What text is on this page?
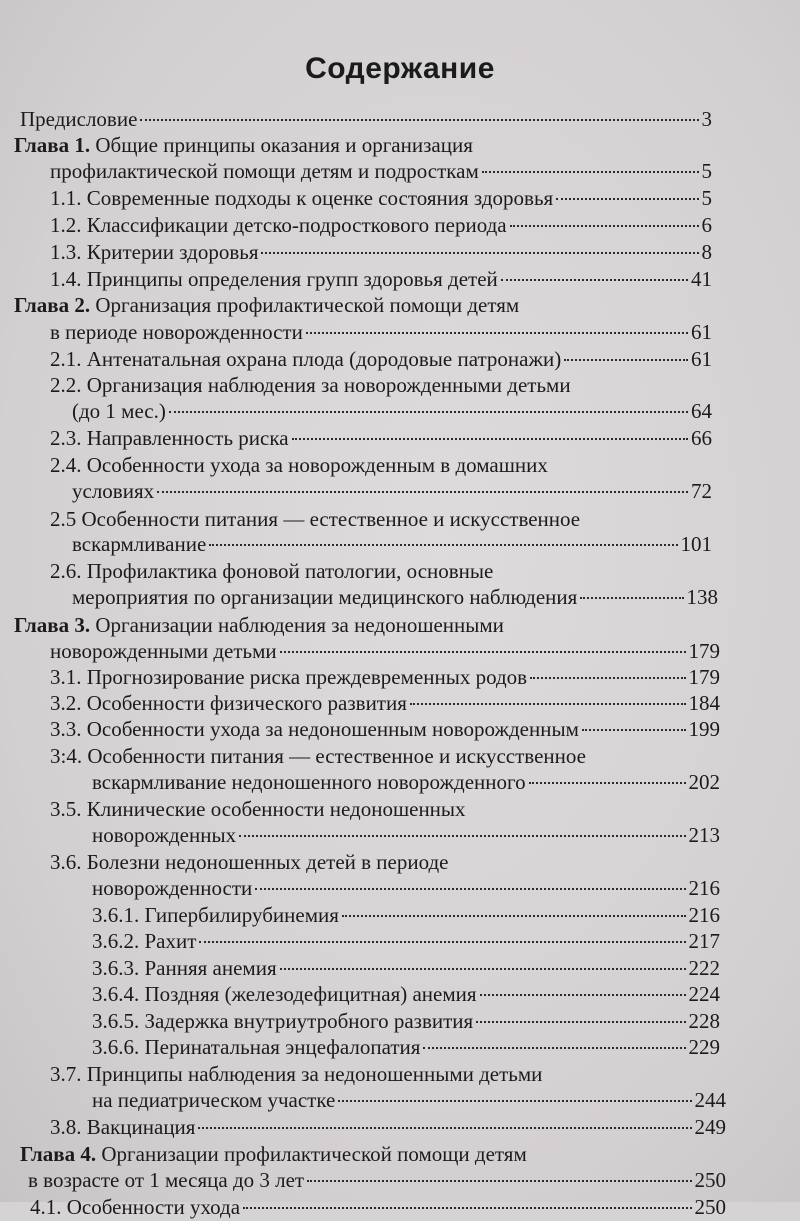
Содержание
Предисловие	3
Глава 1. Общие принципы оказания и организация
профилактической помощи детям и подросткам	5
1.1. Современные подходы к оценке состояния здоровья	5
1.2. Классификации детско-подросткового периода	6
1.3. Критерии здоровья	8
1.4. Принципы определения групп здоровья детей	41
Глава 2. Организация профилактической помощи детям
в периоде новорожденности	61
2.1. Антенатальная охрана плода (дородовые патронажи)	61
2.2. Организация наблюдения за новорожденными детьми
(до 1 мес.)	64
2.3. Направленность риска	66
2.4. Особенности ухода за новорожденным в домашних
условиях	72
2.5 Особенности питания — естественное и искусственное
вскармливание	101
2.6. Профилактика фоновой патологии, основные
мероприятия по организации медицинского наблюдения	138
Глава 3. Организации наблюдения за недоношенными
новорожденными детьми	179
3.1. Прогнозирование риска преждевременных родов	179
3.2. Особенности физического развития	184
3.3. Особенности ухода за недоношенным новорожденным	199
3:4. Особенности питания — естественное и искусственное
вскармливание недоношенного новорожденного	202
3.5. Клинические особенности недоношенных
новорожденных	213
3.6. Болезни недоношенных детей в периоде
новорожденности	216
3.6.1. Гипербилирубинемия	216
3.6.2. Рахит	217
3.6.3. Ранняя анемия	222
3.6.4. Поздняя (железодефицитная) анемия	224
3.6.5. Задержка внутриутробного развития	228
3.6.6. Перинатальная энцефалопатия	229
3.7. Принципы наблюдения за недоношенными детьми
на педиатрическом участке	244
3.8. Вакцинация	249
Глава 4. Организации профилактической помощи детям
в возрасте от 1 месяца до 3 лет	250
4.1. Особенности ухода	250
